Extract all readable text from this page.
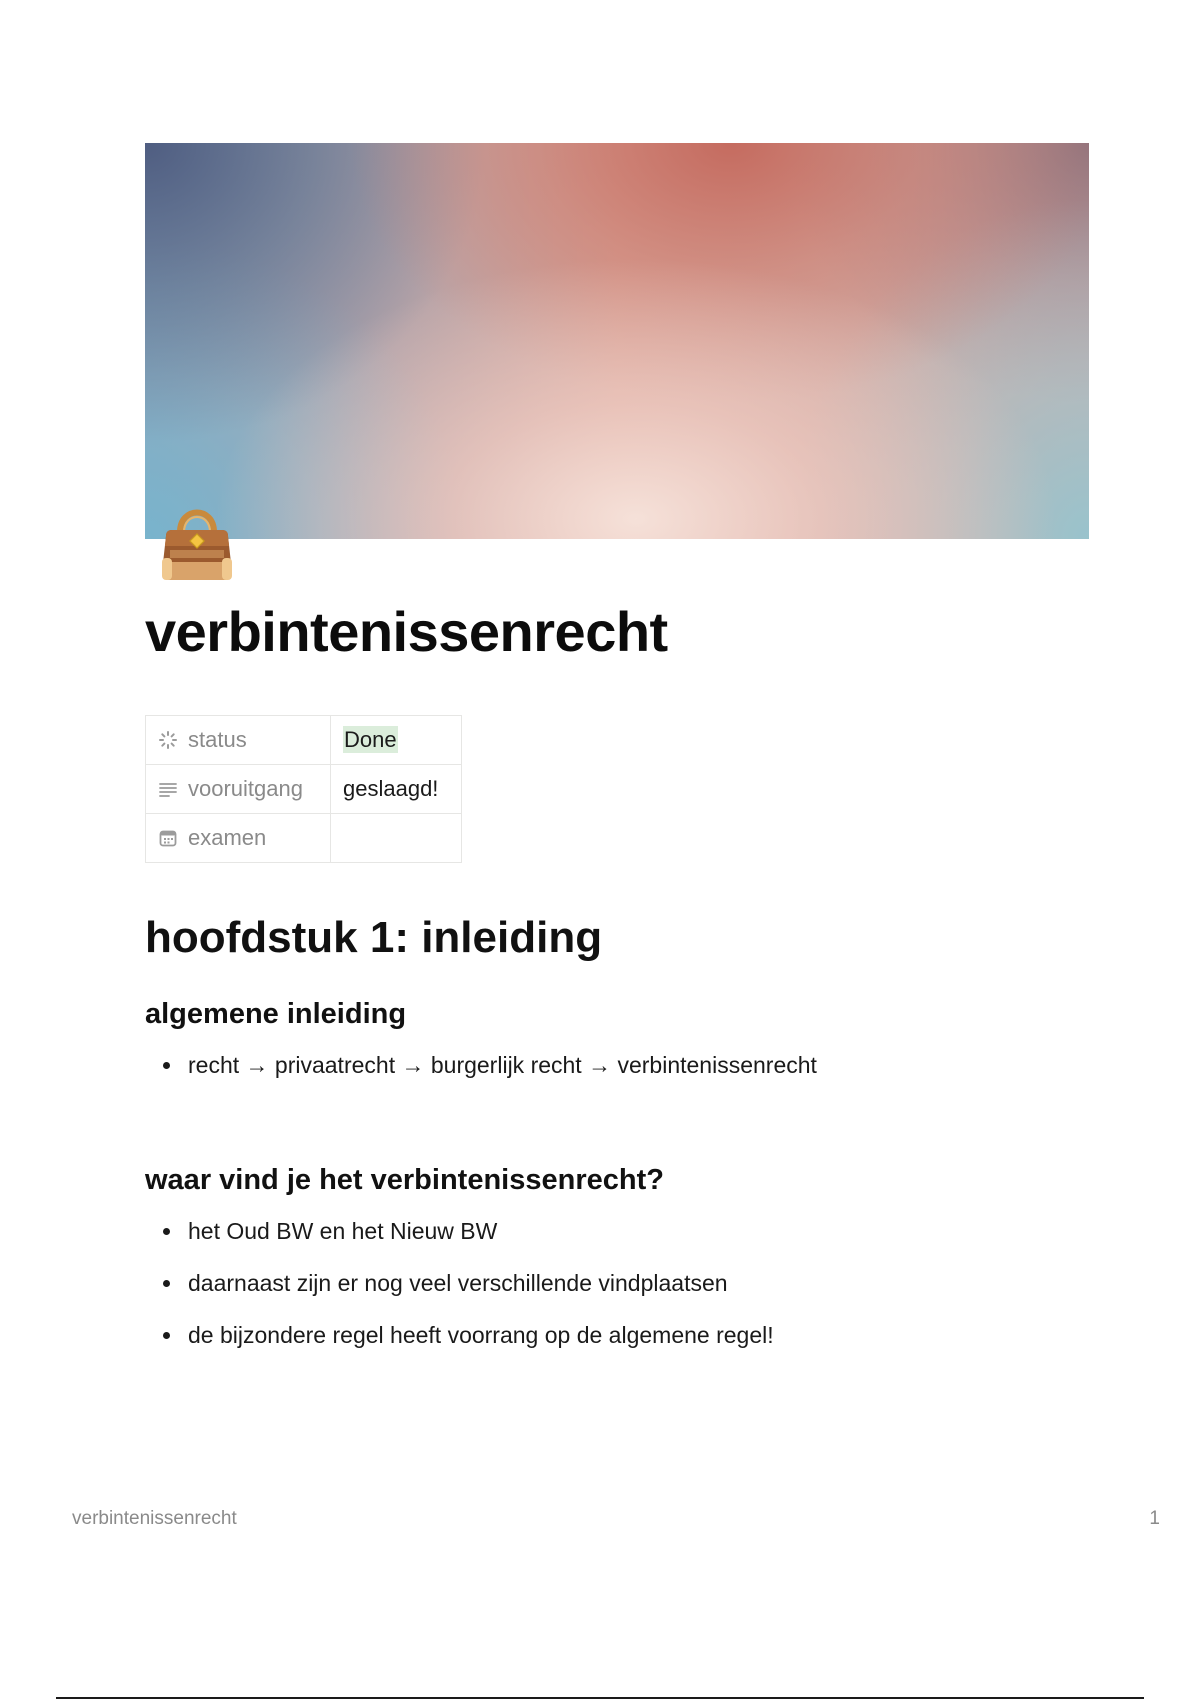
verbintenissenrecht
status	Done

vooruitgang	geslaagd!

examen	

hoofdstuk 1: inleiding
algemene inleiding
recht → privaatrecht → burgerlijk recht → verbintenissenrecht
waar vind je het verbintenissenrecht?
het Oud BW en het Nieuw BW
daarnaast zijn er nog veel verschillende vindplaatsen
de bijzondere regel heeft voorrang op de algemene regel!
verbintenissenrecht	1
